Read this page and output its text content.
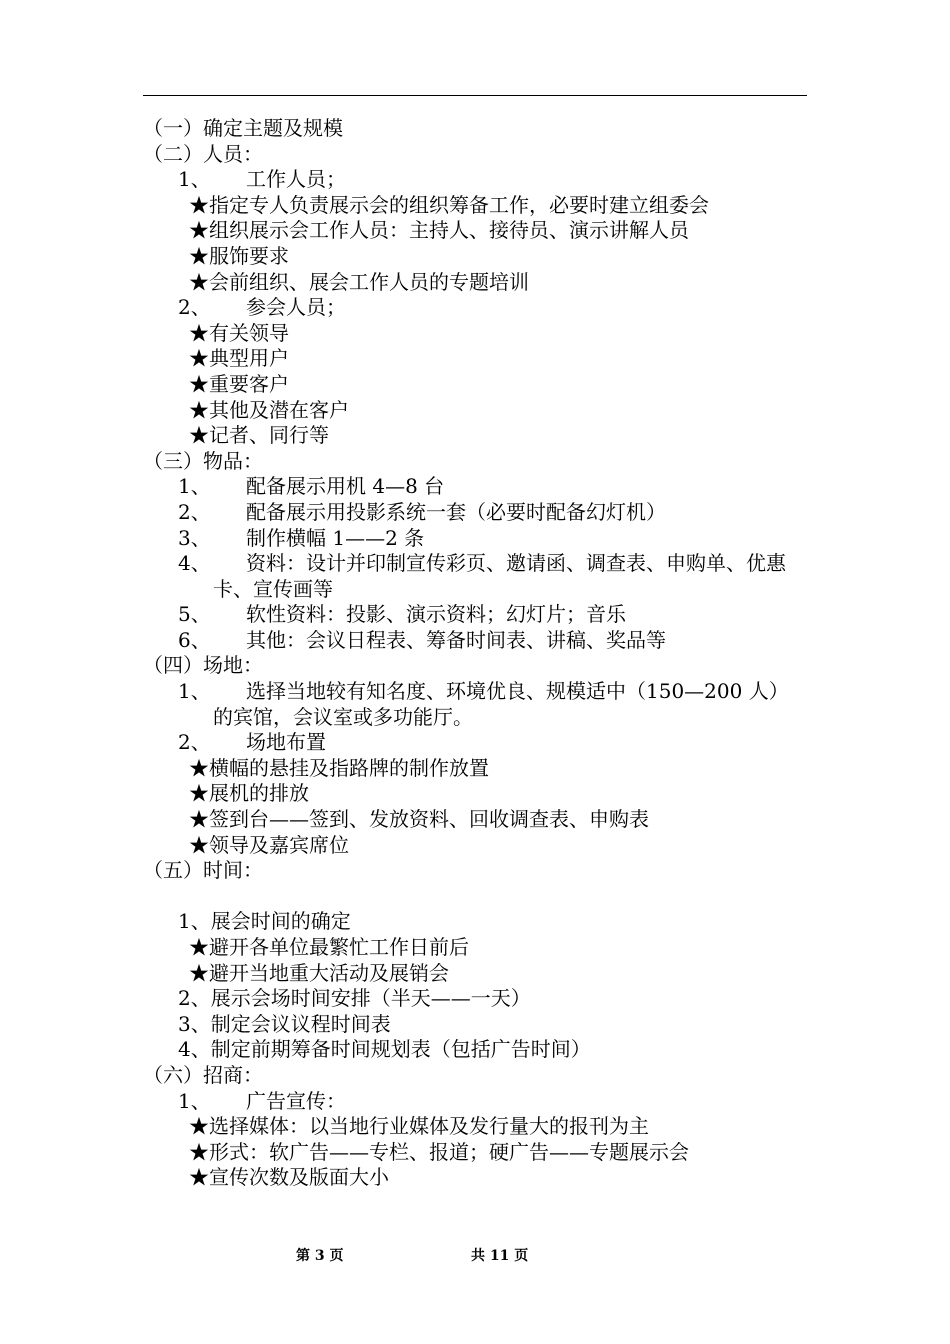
（一）确定主题及规模

（二）人员：

1、 工作人员；

★指定专人负责展示会的组织筹备工作，必要时建立组委会

★组织展示会工作人员：主持人、接待员、演示讲解人员

★服饰要求

★会前组织、展会工作人员的专题培训

2、 参会人员；

★有关领导

★典型用户

★重要客户

★其他及潜在客户

★记者、同行等

（三）物品：

1、 配备展示用机 4—8 台

2、 配备展示用投影系统一套（必要时配备幻灯机）

3、 制作横幅 1——2 条

4、 资料：设计并印制宣传彩页、邀请函、调查表、申购单、优惠
卡、宣传画等

5、 软性资料：投影、演示资料；幻灯片；音乐

6、 其他：会议日程表、筹备时间表、讲稿、奖品等

（四）场地：

1、 选择当地较有知名度、环境优良、规模适中（150—200 人）
的宾馆，会议室或多功能厅。

2、 场地布置

★横幅的悬挂及指路牌的制作放置

★展机的排放

★签到台——签到、发放资料、回收调查表、申购表

★领导及嘉宾席位

（五）时间：

1、展会时间的确定

★避开各单位最繁忙工作日前后

★避开当地重大活动及展销会

2、展示会场时间安排（半天——一天）

3、制定会议议程时间表

4、制定前期筹备时间规划表（包括广告时间）

（六）招商：

1、 广告宣传：

★选择媒体：以当地行业媒体及发行量大的报刊为主

★形式：软广告——专栏、报道；硬广告——专题展示会

★宣传次数及版面大小

第 3 页	共 11 页
